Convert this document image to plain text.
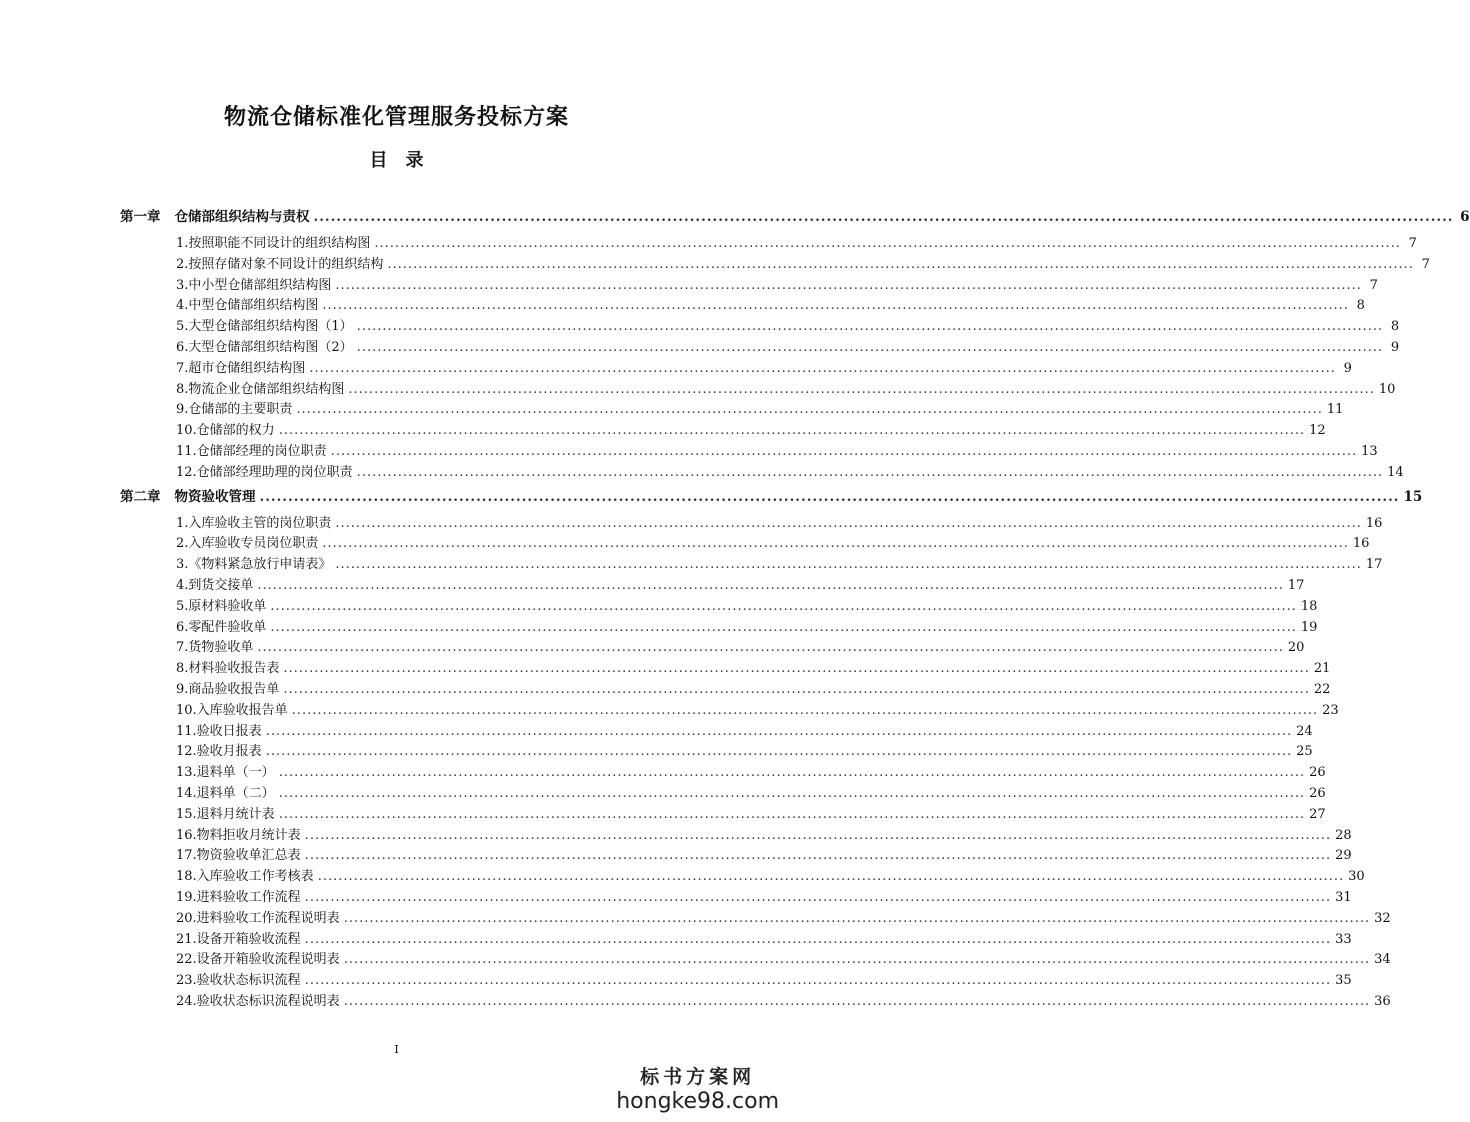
物流仓储标准化管理服务投标方案
目　录
第一章 仓储部组织结构与责权 ........................................................................................................................................................................................................ 6
1.按照职能不同设计的组织结构图 ........................................................................................................................................................................................................ 7
2.按照存储对象不同设计的组织结构 ........................................................................................................................................................................................................ 7
3.中小型仓储部组织结构图 ........................................................................................................................................................................................................ 7
4.中型仓储部组织结构图 ........................................................................................................................................................................................................ 8
5.大型仓储部组织结构图（1） ........................................................................................................................................................................................................ 8
6.大型仓储部组织结构图（2） ........................................................................................................................................................................................................ 9
7.超市仓储组织结构图 ........................................................................................................................................................................................................ 9
8.物流企业仓储部组织结构图 ........................................................................................................................................................................................................ 10
9.仓储部的主要职责 ........................................................................................................................................................................................................ 11
10.仓储部的权力 ........................................................................................................................................................................................................ 12
11.仓储部经理的岗位职责 ........................................................................................................................................................................................................ 13
12.仓储部经理助理的岗位职责 ........................................................................................................................................................................................................ 14
第二章 物资验收管理 ........................................................................................................................................................................................................ 15
1.入库验收主管的岗位职责 ........................................................................................................................................................................................................ 16
2.入库验收专员岗位职责 ........................................................................................................................................................................................................ 16
3.《物料紧急放行申请表》 ........................................................................................................................................................................................................ 17
4.到货交接单 ........................................................................................................................................................................................................ 17
5.原材料验收单 ........................................................................................................................................................................................................ 18
6.零配件验收单 ........................................................................................................................................................................................................ 19
7.货物验收单 ........................................................................................................................................................................................................ 20
8.材料验收报告表 ........................................................................................................................................................................................................ 21
9.商品验收报告单 ........................................................................................................................................................................................................ 22
10.入库验收报告单 ........................................................................................................................................................................................................ 23
11.验收日报表 ........................................................................................................................................................................................................ 24
12.验收月报表 ........................................................................................................................................................................................................ 25
13.退料单（一） ........................................................................................................................................................................................................ 26
14.退料单（二） ........................................................................................................................................................................................................ 26
15.退料月统计表 ........................................................................................................................................................................................................ 27
16.物料拒收月统计表 ........................................................................................................................................................................................................ 28
17.物资验收单汇总表 ........................................................................................................................................................................................................ 29
18.入库验收工作考核表 ........................................................................................................................................................................................................ 30
19.进料验收工作流程 ........................................................................................................................................................................................................ 31
20.进料验收工作流程说明表 ........................................................................................................................................................................................................ 32
21.设备开箱验收流程 ........................................................................................................................................................................................................ 33
22.设备开箱验收流程说明表 ........................................................................................................................................................................................................ 34
23.验收状态标识流程 ........................................................................................................................................................................................................ 35
24.验收状态标识流程说明表 ........................................................................................................................................................................................................ 36
I
标书方案网
hongke98.com
